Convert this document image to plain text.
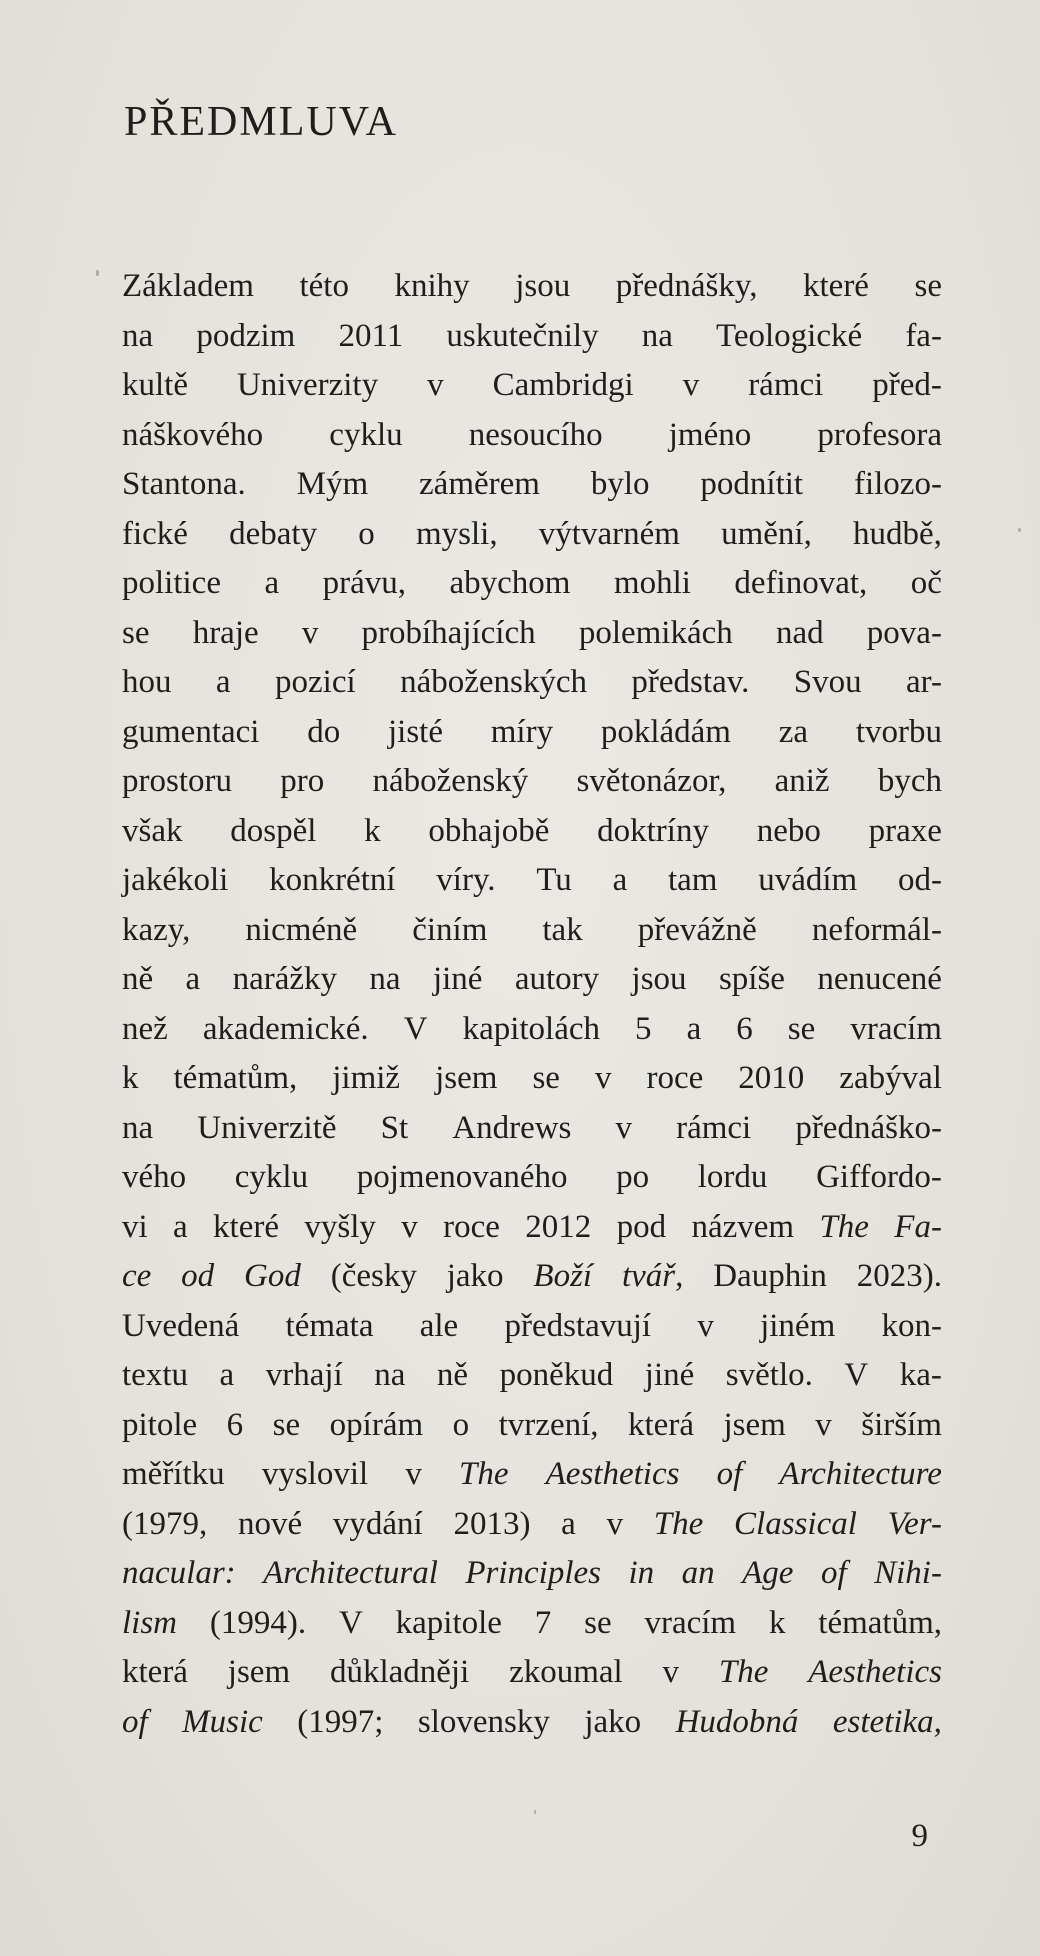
PŘEDMLUVA
Základem této knihy jsou přednášky, které se
na podzim 2011 uskutečnily na Teologické fa-
kultě Univerzity v Cambridgi v rámci před-
náškového cyklu nesoucího jméno profesora
Stantona. Mým záměrem bylo podnítit filozo-
fické debaty o mysli, výtvarném umění, hudbě,
politice a právu, abychom mohli definovat, oč
se hraje v probíhajících polemikách nad pova-
hou a pozicí náboženských představ. Svou ar-
gumentaci do jisté míry pokládám za tvorbu
prostoru pro náboženský světonázor, aniž bych
však dospěl k obhajobě doktríny nebo praxe
jakékoli konkrétní víry. Tu a tam uvádím od-
kazy, nicméně činím tak převážně neformál-
ně a narážky na jiné autory jsou spíše nenucené
než akademické. V kapitolách 5 a 6 se vracím
k tématům, jimiž jsem se v roce 2010 zabýval
na Univerzitě St Andrews v rámci přednáško-
vého cyklu pojmenovaného po lordu Giffordo-
vi a které vyšly v roce 2012 pod názvem The Fa-
ce od God (česky jako Boží tvář, Dauphin 2023).
Uvedená témata ale představují v jiném kon-
textu a vrhají na ně poněkud jiné světlo. V ka-
pitole 6 se opírám o tvrzení, která jsem v širším
měřítku vyslovil v The Aesthetics of Architecture
(1979, nové vydání 2013) a v The Classical Ver-
nacular: Architectural Principles in an Age of Nihi-
lism (1994). V kapitole 7 se vracím k tématům,
která jsem důkladněji zkoumal v The Aesthetics
of Music (1997; slovensky jako Hudobná estetika,
9
